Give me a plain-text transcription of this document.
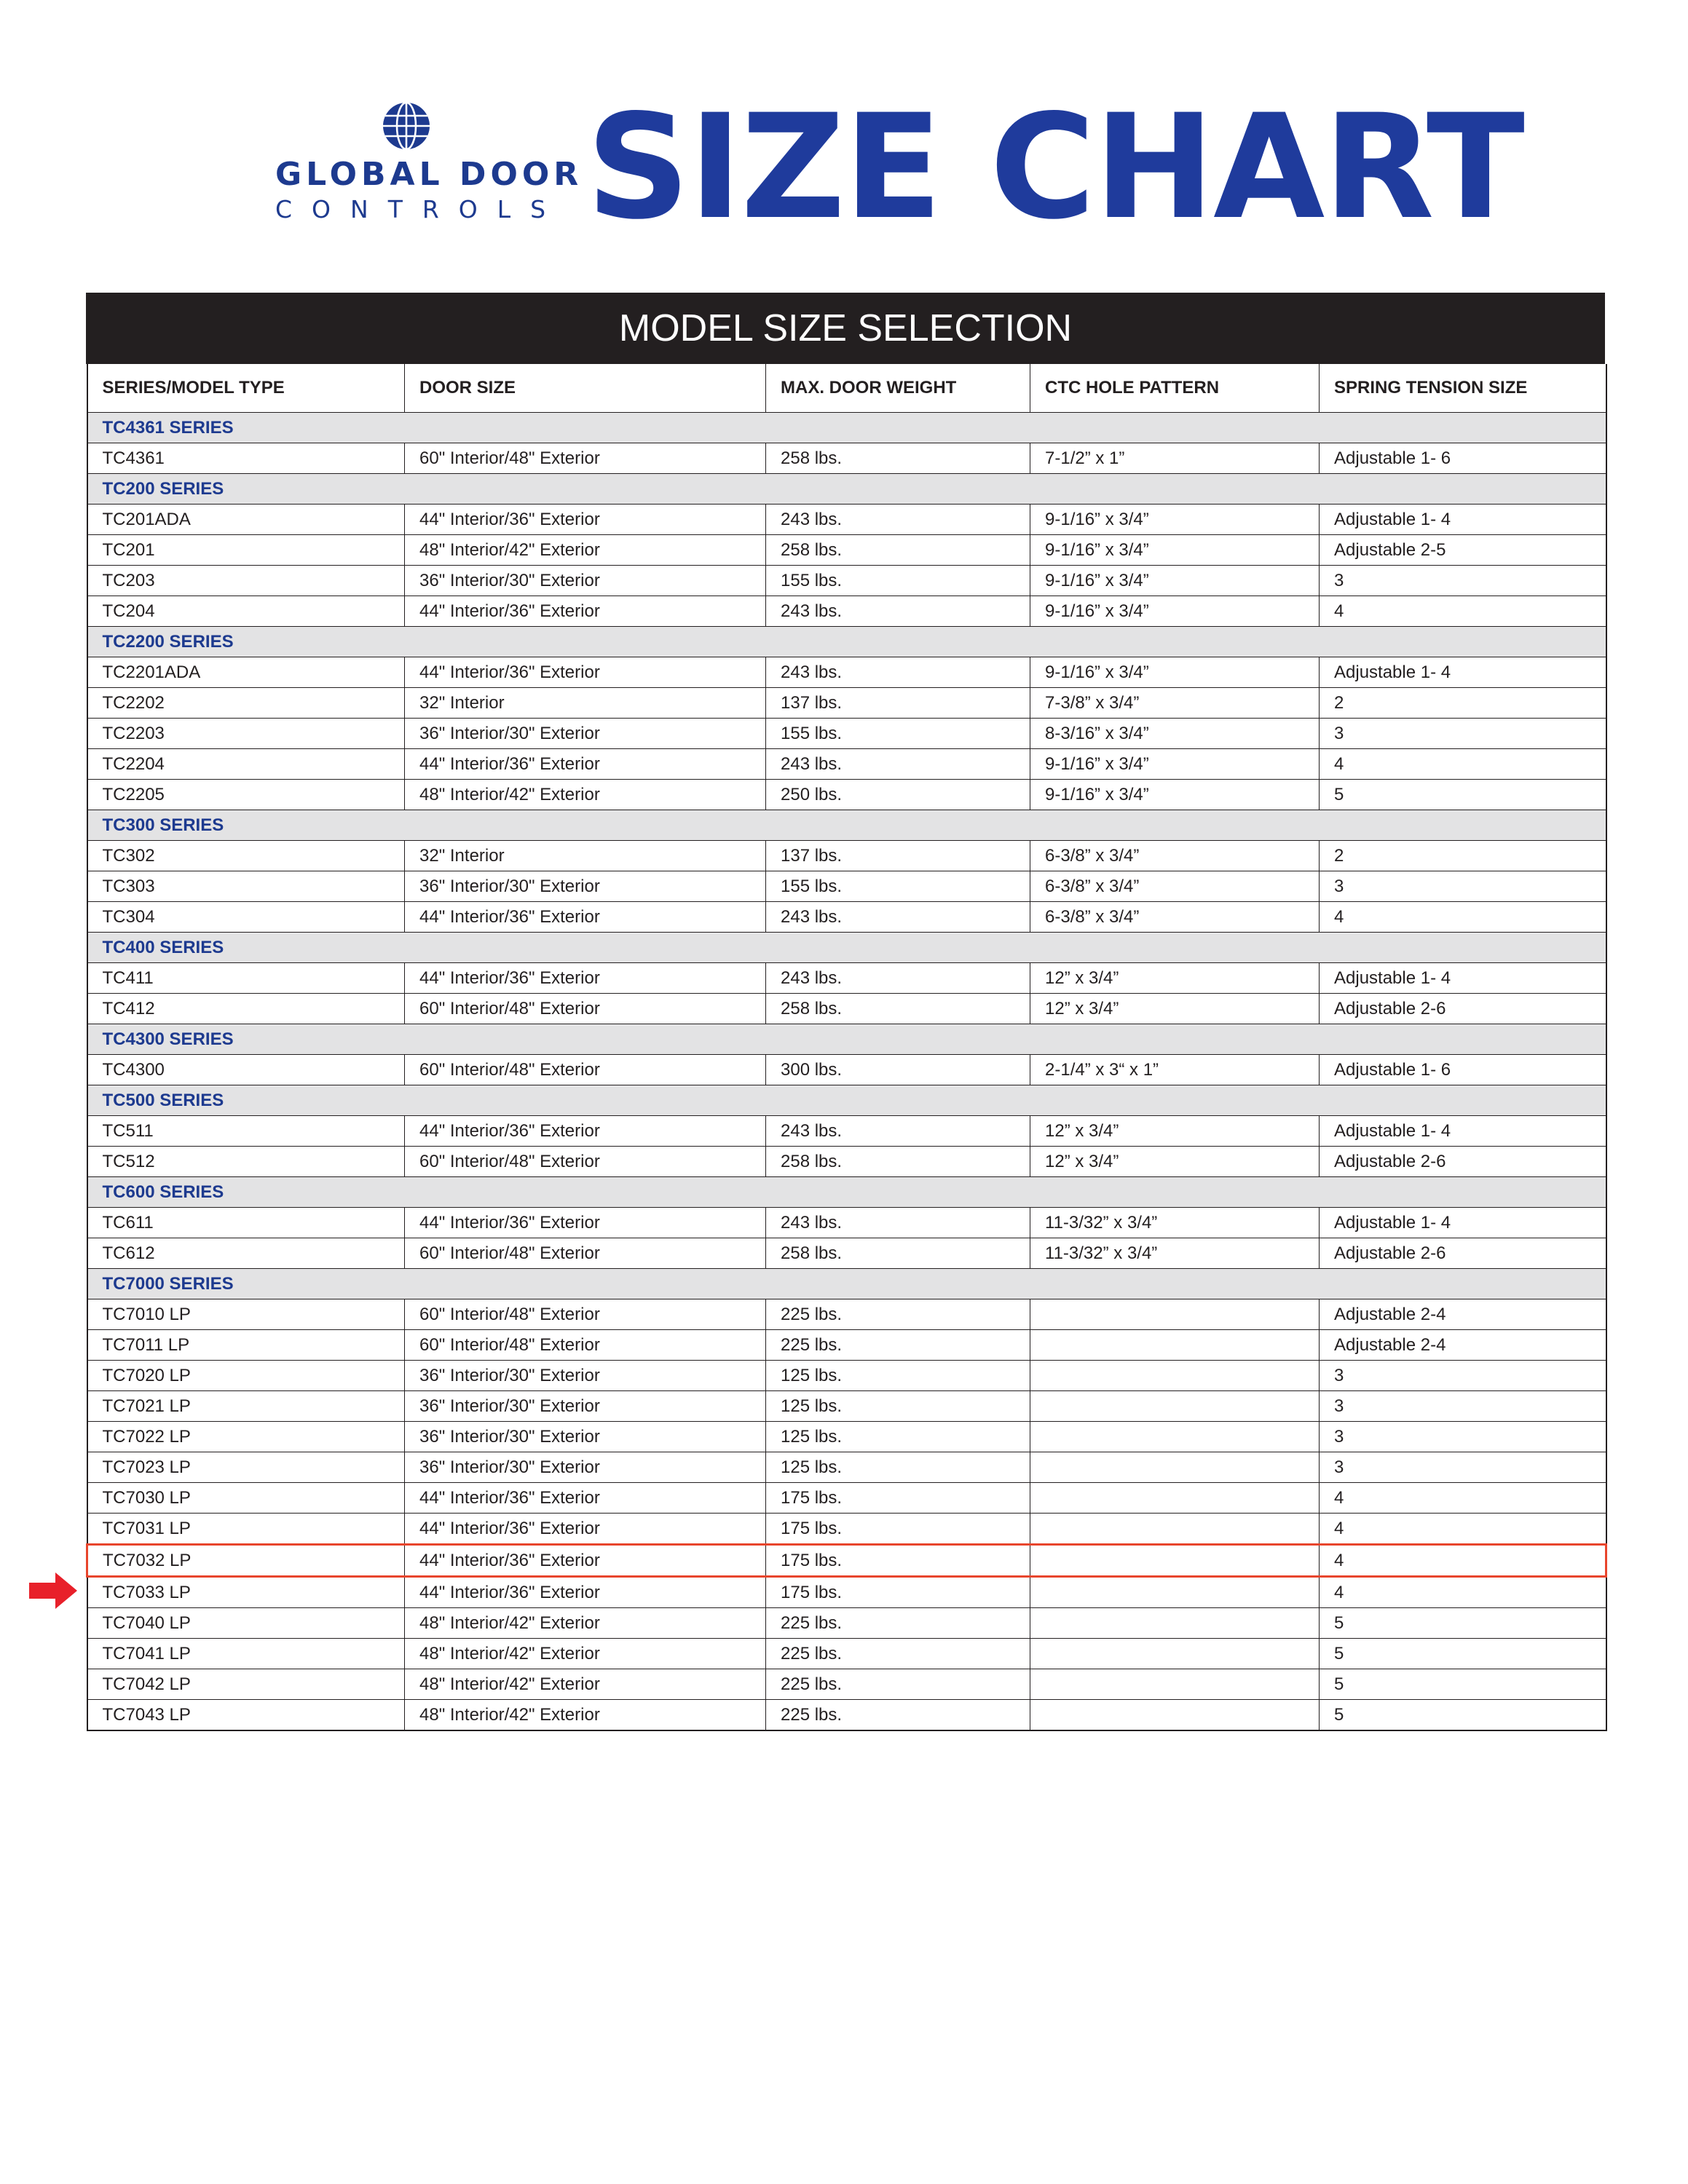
GLOBAL DOOR
CONTROLS SIZE CHART
MODEL SIZE SELECTION
SERIES/MODEL TYPE	DOOR SIZE	MAX. DOOR WEIGHT	CTC HOLE PATTERN	SPRING TENSION SIZE
TC4361 SERIES				
TC4361	60" Interior/48" Exterior	258 lbs.	7-1/2” x 1”	Adjustable 1- 6
TC200 SERIES				
TC201ADA	44" Interior/36" Exterior	243 lbs.	9-1/16” x 3/4”	Adjustable 1- 4
TC201	48" Interior/42" Exterior	258 lbs.	9-1/16” x 3/4”	Adjustable 2-5
TC203	36" Interior/30" Exterior	155 lbs.	9-1/16” x 3/4”	3
TC204	44" Interior/36" Exterior	243 lbs.	9-1/16” x 3/4”	4
TC2200 SERIES				
TC2201ADA	44" Interior/36" Exterior	243 lbs.	9-1/16” x 3/4”	Adjustable 1- 4
TC2202	32" Interior	137 lbs.	7-3/8” x 3/4”	2
TC2203	36" Interior/30" Exterior	155 lbs.	8-3/16” x 3/4”	3
TC2204	44" Interior/36" Exterior	243 lbs.	9-1/16” x 3/4”	4
TC2205	48" Interior/42" Exterior	250 lbs.	9-1/16” x 3/4”	5
TC300 SERIES				
TC302	32" Interior	137 lbs.	6-3/8” x 3/4”	2
TC303	36" Interior/30" Exterior	155 lbs.	6-3/8” x 3/4”	3
TC304	44" Interior/36" Exterior	243 lbs.	6-3/8” x 3/4”	4
TC400 SERIES				
TC411	44" Interior/36" Exterior	243 lbs.	12” x 3/4”	Adjustable 1- 4
TC412	60" Interior/48" Exterior	258 lbs.	12” x 3/4”	Adjustable 2-6
TC4300 SERIES				
TC4300	60" Interior/48" Exterior	300 lbs.	2-1/4” x 3“ x 1”	Adjustable 1- 6
TC500 SERIES				
TC511	44" Interior/36" Exterior	243 lbs.	12” x 3/4”	Adjustable 1- 4
TC512	60" Interior/48" Exterior	258 lbs.	12” x 3/4”	Adjustable 2-6
TC600 SERIES				
TC611	44" Interior/36" Exterior	243 lbs.	11-3/32” x 3/4”	Adjustable 1- 4
TC612	60" Interior/48" Exterior	258 lbs.	11-3/32” x 3/4”	Adjustable 2-6
TC7000 SERIES				
TC7010 LP	60" Interior/48" Exterior	225 lbs.		Adjustable 2-4
TC7011 LP	60" Interior/48" Exterior	225 lbs.		Adjustable 2-4
TC7020 LP	36" Interior/30" Exterior	125 lbs.		3
TC7021 LP	36" Interior/30" Exterior	125 lbs.		3
TC7022 LP	36" Interior/30" Exterior	125 lbs.		3
TC7023 LP	36" Interior/30" Exterior	125 lbs.		3
TC7030 LP	44" Interior/36" Exterior	175 lbs.		4
TC7031 LP	44" Interior/36" Exterior	175 lbs.		4
TC7032 LP	44" Interior/36" Exterior	175 lbs.		4
TC7033 LP	44" Interior/36" Exterior	175 lbs.		4
TC7040 LP	48" Interior/42" Exterior	225 lbs.		5
TC7041 LP	48" Interior/42" Exterior	225 lbs.		5
TC7042 LP	48" Interior/42" Exterior	225 lbs.		5
TC7043 LP	48" Interior/42" Exterior	225 lbs.		5
